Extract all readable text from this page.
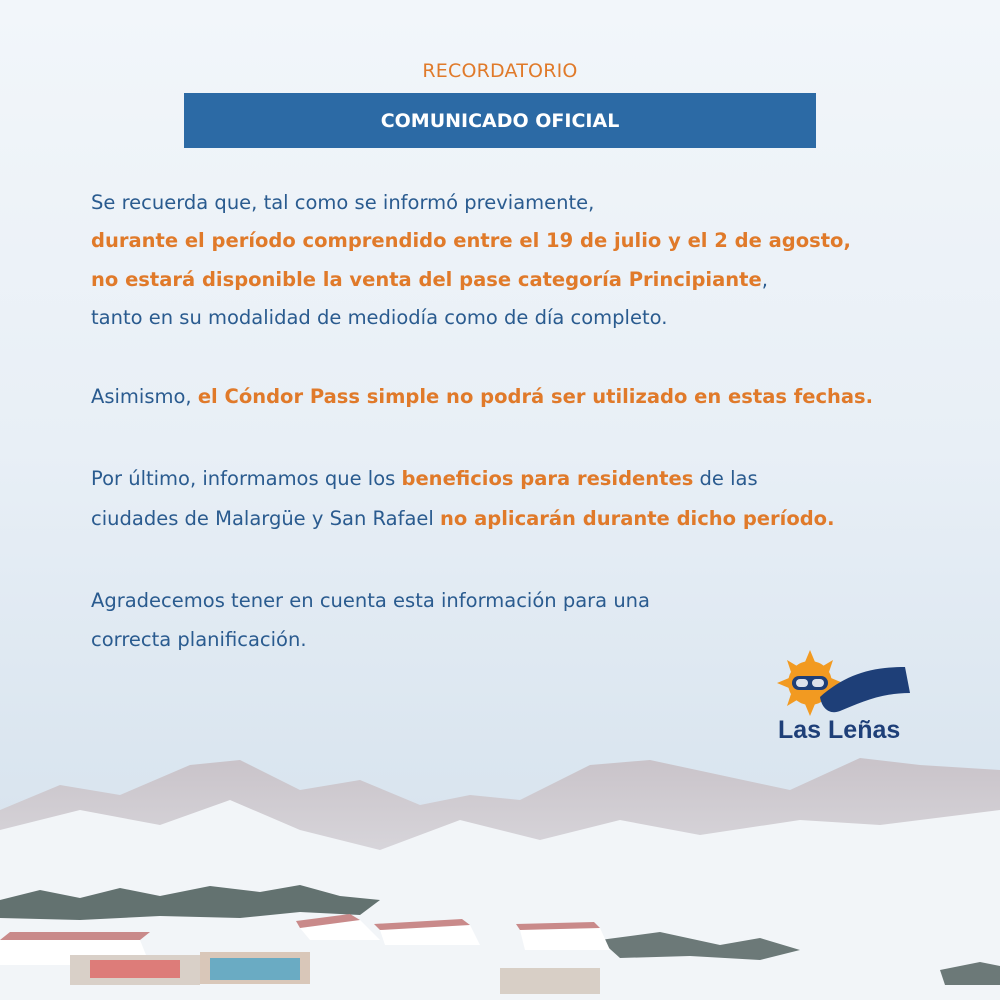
RECORDATORIO
COMUNICADO OFICIAL
Se recuerda que, tal como se informó previamente,
durante el período comprendido entre el 19 de julio y el 2 de agosto,
no estará disponible la venta del pase categoría Principiante,
tanto en su modalidad de mediodía como de día completo.
Asimismo, el Cóndor Pass simple no podrá ser utilizado en estas fechas.
Por último, informamos que los beneficios para residentes de las
ciudades de Malargüe y San Rafael no aplicarán durante dicho período.
Agradecemos tener en cuenta esta información para una
correcta planificación.
Las Leñas
